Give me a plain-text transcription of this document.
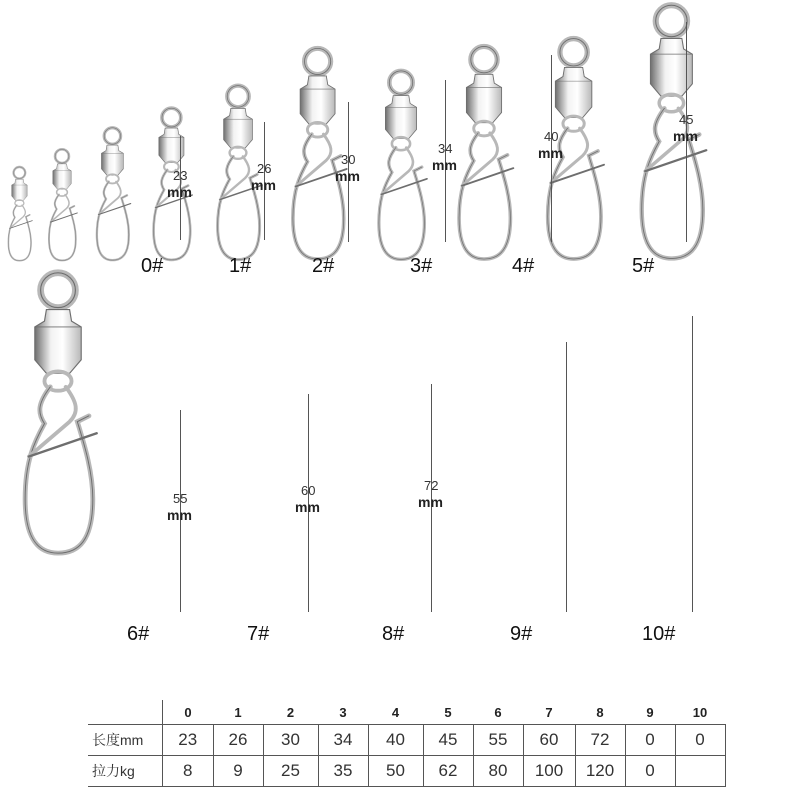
23
mm
0#
26
mm
1#
30
mm
2#
34
mm
3#
40
mm
4#
45
mm
5#
55
mm
6#
60
mm
7#
72
mm
8#	9#	10#
	0	1	2	3	4	5	6	7	8	9	10
长度mm	23	26	30	34	40	45	55	60	72	0	0
拉力kg	8	9	25	35	50	62	80	100	120	0	
